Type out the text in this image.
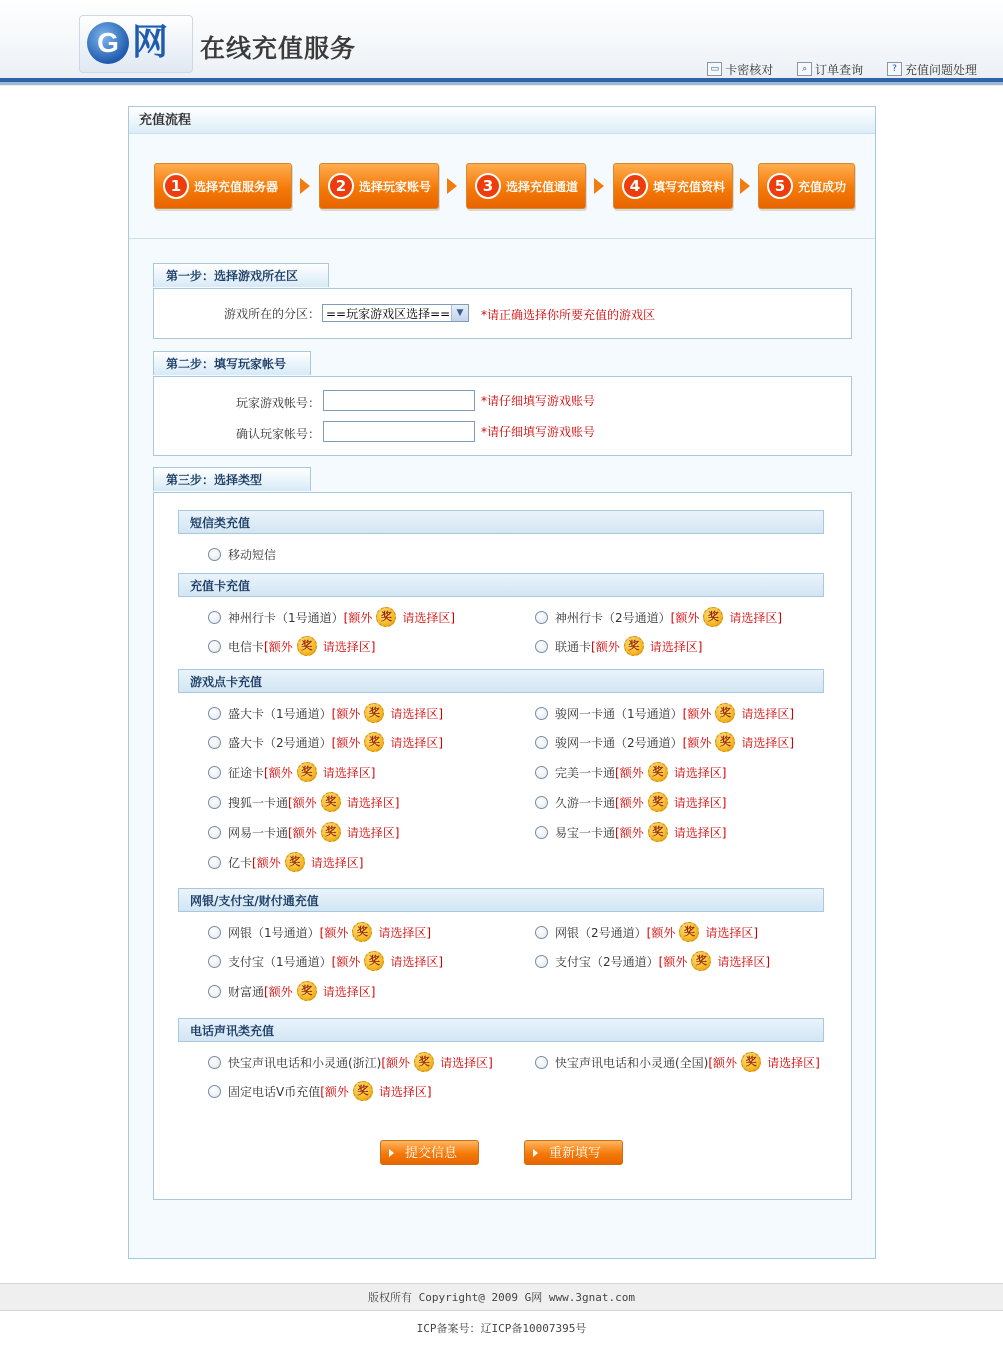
G 网 在线充值服务
▭ 卡密核对
	⌕ 订单查询
	? 充值问题处理
充值流程
1	选择充值服务器	2	选择玩家账号	3	选择充值通道	4	填写充值资料	5	充值成功
第一步：选择游戏所在区
游戏所在的分区： ==玩家游戏区选择== ▼	*请正确选择你所要充值的游戏区
第二步：填写玩家帐号
玩家游戏帐号：	*请仔细填写游戏账号
确认玩家帐号：	*请仔细填写游戏账号
第三步：选择类型
短信类充值
移动短信
充值卡充值
神州行卡（1号通道） [额外 奖 请选择区]	神州行卡（2号通道） [额外 奖 请选择区]
电信卡 [额外 奖 请选择区]	联通卡 [额外 奖 请选择区]
游戏点卡充值
盛大卡（1号通道） [额外 奖 请选择区]	骏网一卡通（1号通道） [额外 奖 请选择区]
盛大卡（2号通道） [额外 奖 请选择区]	骏网一卡通（2号通道） [额外 奖 请选择区]
征途卡 [额外 奖 请选择区]	完美一卡通 [额外 奖 请选择区]
搜狐一卡通 [额外 奖 请选择区]	久游一卡通 [额外 奖 请选择区]
网易一卡通 [额外 奖 请选择区]	易宝一卡通 [额外 奖 请选择区]
亿卡 [额外 奖 请选择区]
网银/支付宝/财付通充值
网银（1号通道） [额外 奖 请选择区]	网银（2号通道） [额外 奖 请选择区]
支付宝（1号通道） [额外 奖 请选择区]	支付宝（2号通道） [额外 奖 请选择区]
财富通 [额外 奖 请选择区]
电话声讯类充值
快宝声讯电话和小灵通(浙江) [额外 奖 请选择区]	快宝声讯电话和小灵通(全国) [额外 奖 请选择区]
固定电话V币充值 [额外 奖 请选择区]
提交信息	重新填写
版权所有 Copyright@ 2009 G网 www.3gnat.com
ICP备案号：辽ICP备10007395号
